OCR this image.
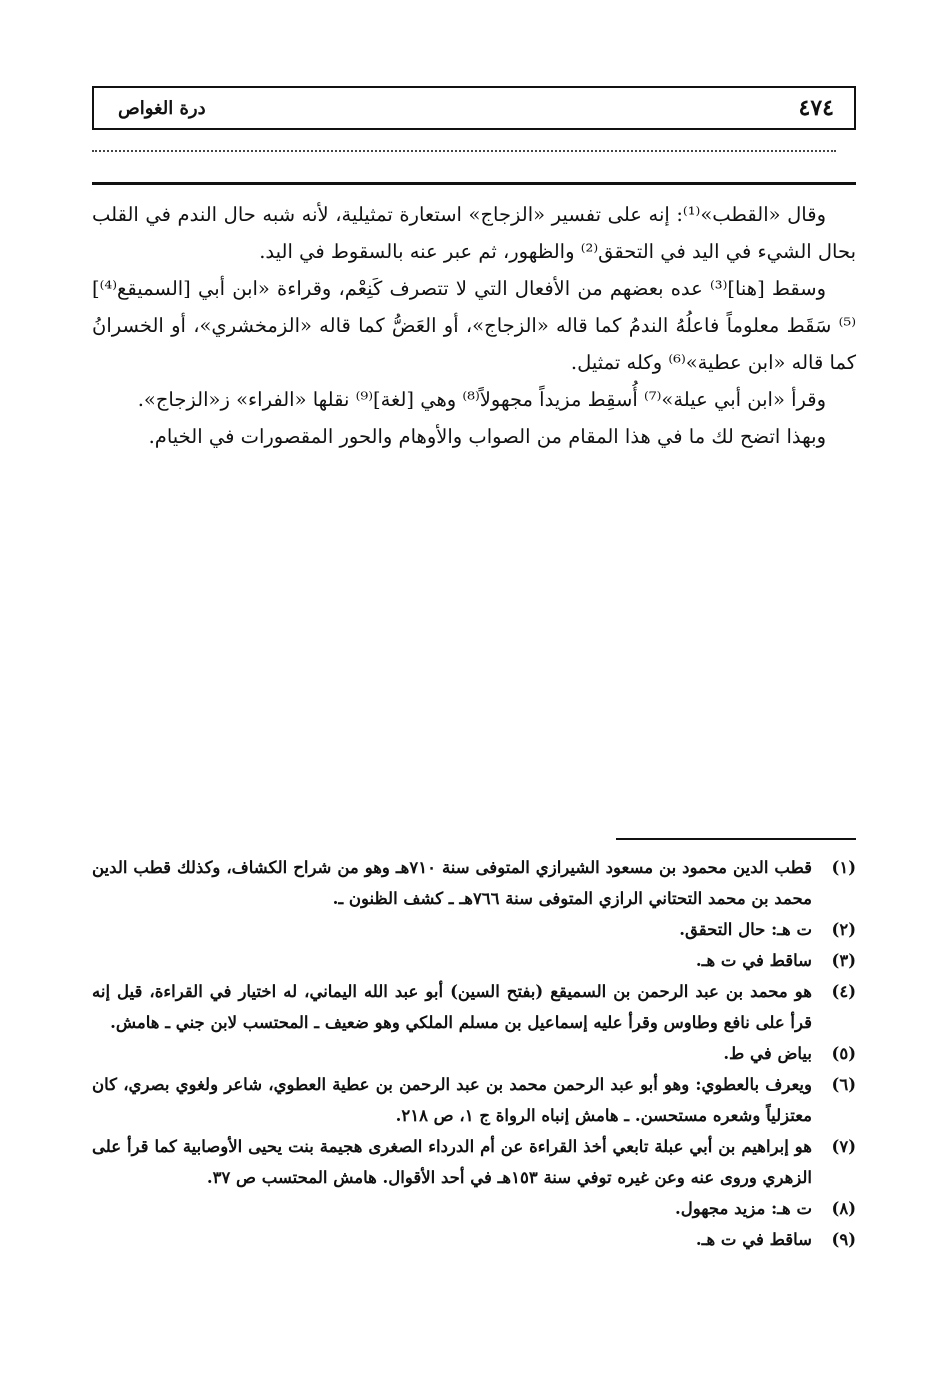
٤٧٤
درة الغواص

وقال «القطب»⁽¹⁾: إنه على تفسير «الزجاج» استعارة تمثيلية، لأنه شبه حال الندم في القلب بحال الشيء في اليد في التحقق⁽²⁾ والظهور، ثم عبر عنه بالسقوط في اليد.

وسقط [هنا]⁽³⁾ عده بعضهم من الأفعال التي لا تتصرف كَنِعْم، وقراءة «ابن أبي [السميقع⁽⁴⁾]⁽⁵⁾ سَقَط معلوماً فاعلُهُ الندمُ كما قاله «الزجاج»، أو العَضُّ كما قاله «الزمخشري»، أو الخسرانُ كما قاله «ابن عطية»⁽⁶⁾ وكله تمثيل.

وقرأ «ابن أبي عيلة»⁽⁷⁾ أُسقِط مزيداً مجهولاً⁽⁸⁾ وهي [لغة]⁽⁹⁾ نقلها «الفراء» ز«الزجاج».

وبهذا اتضح لك ما في هذا المقام من الصواب والأوهام والحور المقصورات في الخيام.

(١)
قطب الدين محمود بن مسعود الشيرازي المتوفى سنة ٧١٠هـ وهو من شراح الكشاف، وكذلك قطب الدين محمد بن محمد التحتاني الرازي المتوفى سنة ٧٦٦هـ ـ كشف الظنون ـ.
(٢)
ت هـ: حال التحقق.
(٣)
ساقط في ت هـ.
(٤)
هو محمد بن عبد الرحمن بن السميقع (بفتح السين) أبو عبد الله اليماني، له اختيار في القراءة، قيل إنه قرأ على نافع وطاوس وقرأ عليه إسماعيل بن مسلم الملكي وهو ضعيف ـ المحتسب لابن جني ـ هامش.
(٥)
بياض في ط.
(٦)
ويعرف بالعطوي: وهو أبو عبد الرحمن محمد بن عبد الرحمن بن عطية العطوي، شاعر ولغوي بصري، كان معتزلياً وشعره مستحسن. ـ هامش إنباه الرواة ج ١، ص ٢١٨.
(٧)
هو إبراهيم بن أبي عبلة تابعي أخذ القراءة عن أم الدرداء الصغرى هجيمة بنت يحيى الأوصابية كما قرأ على الزهري وروى عنه وعن غيره توفي سنة ١٥٣هـ في أحد الأقوال. هامش المحتسب ص ٣٧.
(٨)
ت هـ: مزيد مجهول.
(٩)
ساقط في ت هـ.
